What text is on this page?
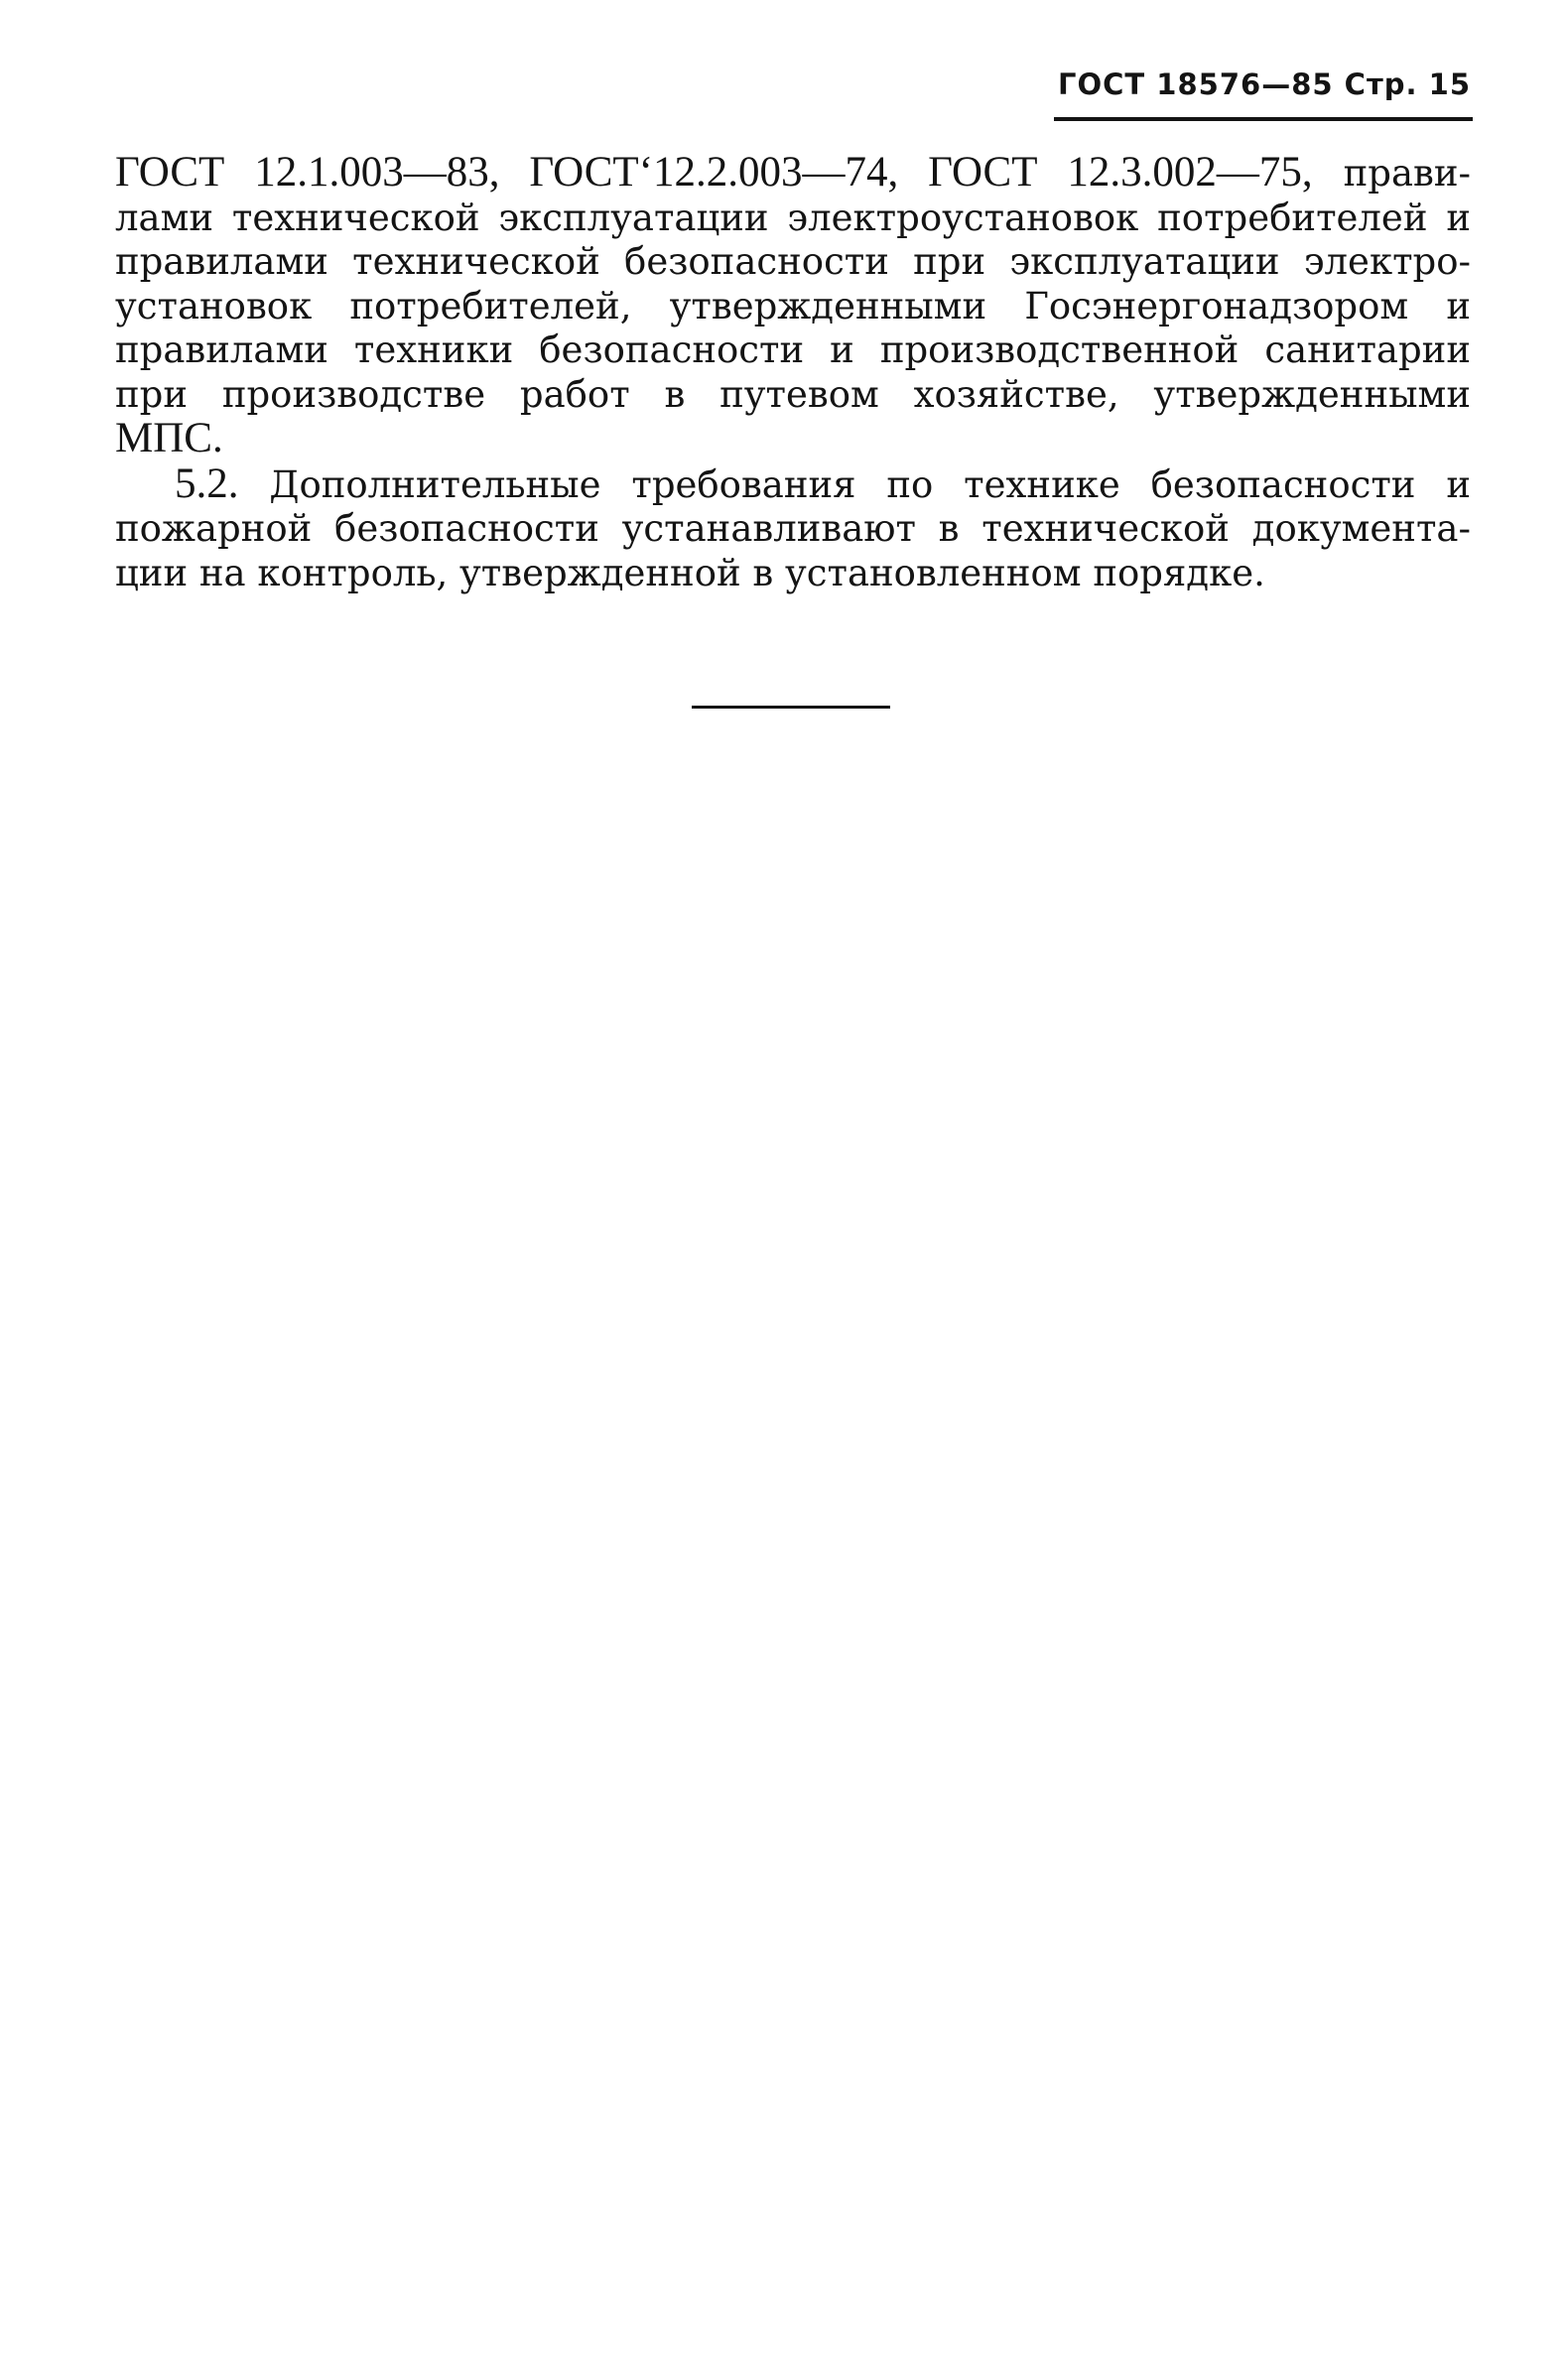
ГОСТ 18576—85 Стр. 15
ГОСТ 12.1.003—83, ГОСТ‘12.2.003—74, ГОСТ 12.3.002—75, прави-
лами технической эксплуатации электроустановок потребителей и
правилами технической безопасности при эксплуатации электро-
установок потребителей, утвержденными Госэнергонадзором и
правилами техники безопасности и производственной санитарии
при производстве работ в путевом хозяйстве, утвержденными
МПС.
5.2. Дополнительные требования по технике безопасности и
пожарной безопасности устанавливают в технической документа-
ции на контроль, утвержденной в установленном порядке.
